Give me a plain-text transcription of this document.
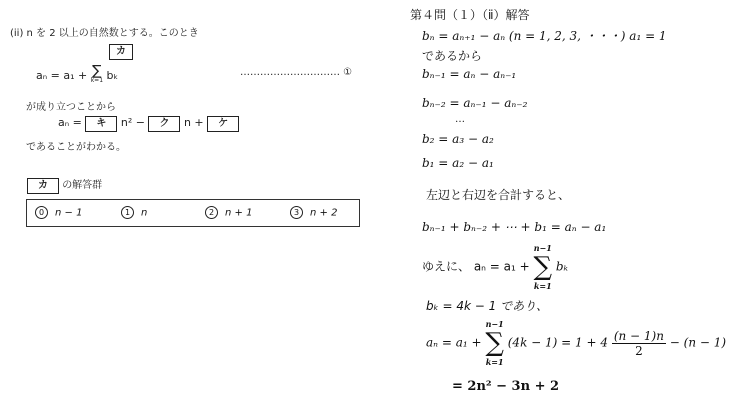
(ii) n を 2 以上の自然数とする。このとき
カ
aₙ = a₁ + ∑
k=1 bₖ	………………………… ①
が成り立つことから
aₙ = キ n² − ク n + ケ
であることがわかる。
カ の解答群
0 n − 1	1 n	2 n + 1	3 n + 2
第４問（１）（ⅱ）解答
bₙ = aₙ₊₁ − aₙ (n = 1, 2, 3, ・・・) a₁ = 1
であるから
bₙ₋₁ = aₙ − aₙ₋₁
bₙ₋₂ = aₙ₋₁ − aₙ₋₂
…
b₂ = a₃ − a₂
b₁ = a₂ − a₁
左辺と右辺を合計すると、
bₙ₋₁ + bₙ₋₂ + ⋯ + b₁ = aₙ − a₁
ゆえに、 aₙ = a₁ +
n−1
∑
k=1
bₖ
bₖ = 4k − 1 であり、
aₙ = a₁ +
n−1
∑
k=1
$(4k - 1) = 1 + 4 \frac{(n - 1)n}{2} - (n - 1)$
= 2n² − 3n + 2
